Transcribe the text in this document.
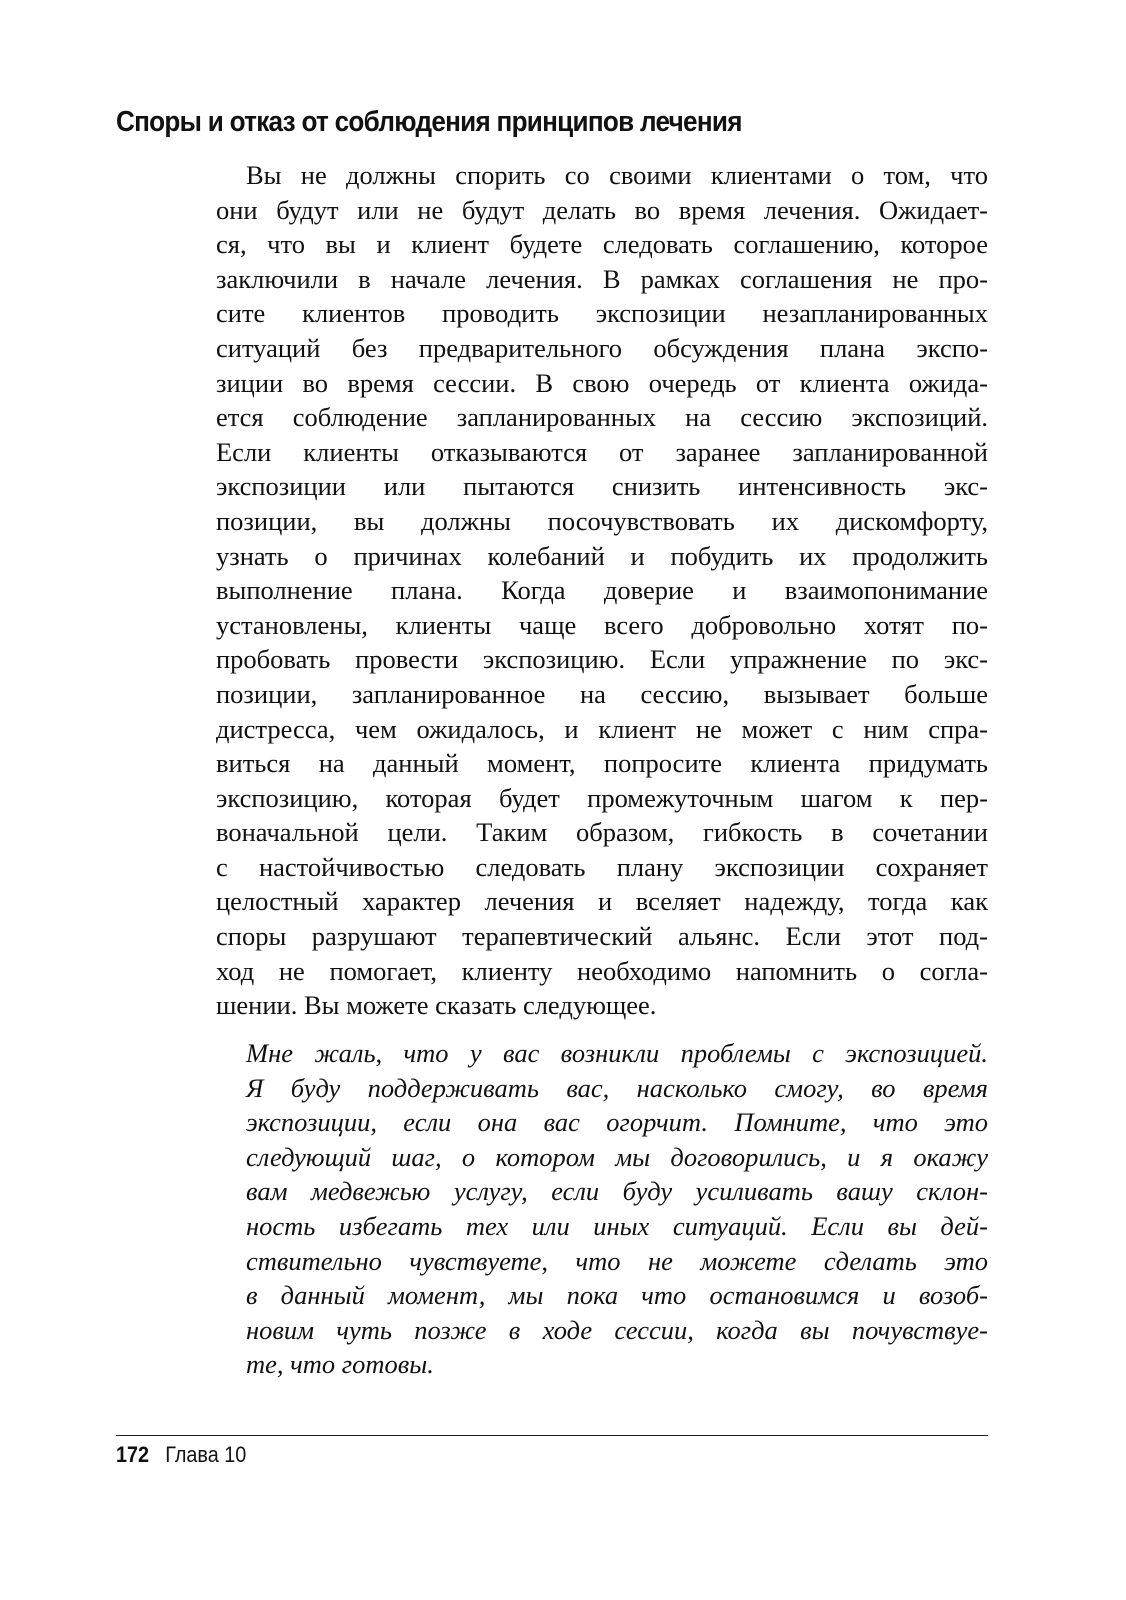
Споры и отказ от соблюдения принципов лечения
Вы не должны спорить со своими клиентами о том, что
они будут или не будут делать во время лечения. Ожидает-
ся, что вы и клиент будете следовать соглашению, которое
заключили в начале лечения. В рамках соглашения не про-
сите клиентов проводить экспозиции незапланированных
ситуаций без предварительного обсуждения плана экспо-
зиции во время сессии. В свою очередь от клиента ожида-
ется соблюдение запланированных на сессию экспозиций.
Если клиенты отказываются от заранее запланированной
экспозиции или пытаются снизить интенсивность экс-
позиции, вы должны посочувствовать их дискомфорту,
узнать о причинах колебаний и побудить их продолжить
выполнение плана. Когда доверие и взаимопонимание
установлены, клиенты чаще всего добровольно хотят по-
пробовать провести экспозицию. Если упражнение по экс-
позиции, запланированное на сессию, вызывает больше
дистресса, чем ожидалось, и клиент не может с ним спра-
виться на данный момент, попросите клиента придумать
экспозицию, которая будет промежуточным шагом к пер-
воначальной цели. Таким образом, гибкость в сочетании
с настойчивостью следовать плану экспозиции сохраняет
целостный характер лечения и вселяет надежду, тогда как
споры разрушают терапевтический альянс. Если этот под-
ход не помогает, клиенту необходимо напомнить о согла-
шении. Вы можете сказать следующее.
Мне жаль, что у вас возникли проблемы с экспозицией.
Я буду поддерживать вас, насколько смогу, во время
экспозиции, если она вас огорчит. Помните, что это
следующий шаг, о котором мы договорились, и я окажу
вам медвежью услугу, если буду усиливать вашу склон-
ность избегать тех или иных ситуаций. Если вы дей-
ствительно чувствуете, что не можете сделать это
в данный момент, мы пока что остановимся и возоб-
новим чуть позже в ходе сессии, когда вы почувствуе-
те, что готовы.
172 Глава 10
